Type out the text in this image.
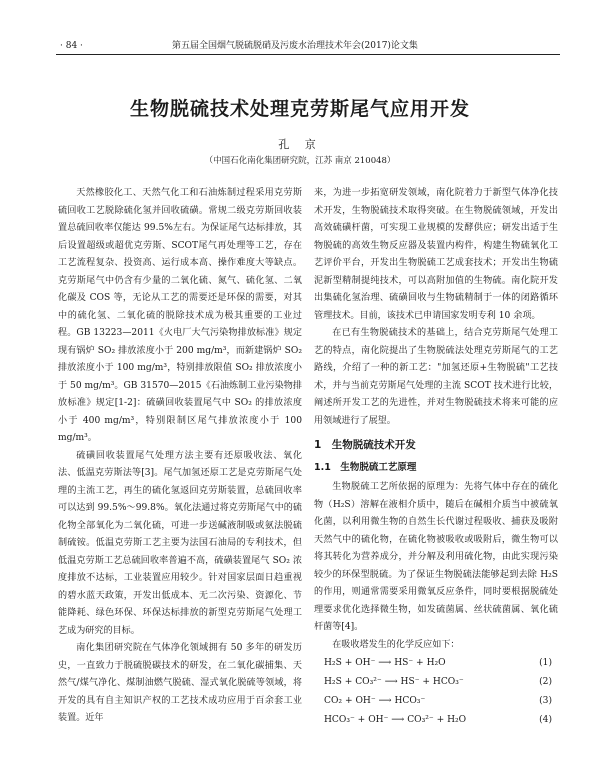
· 84 ·	第五届全国烟气脱硫脱硝及污废水治理技术年会(2017)论文集
生物脱硫技术处理克劳斯尾气应用开发
孔 京
（中国石化南化集团研究院，江苏 南京 210048）

天然橡胶化工、天然气化工和石油炼制过程采用克劳斯硫回收工艺脱除硫化氢并回收硫磺。常规二级克劳斯回收装置总硫回收率仅能达 99.5%左右。为保证尾气达标排放，其后设置超级或超优克劳斯、SCOT尾气再处理等工艺，存在工艺流程复杂、投资高、运行成本高、操作难度大等缺点。克劳斯尾气中仍含有少量的二氧化硫、氮气、硫化氢、二氧化碳及 COS 等，无论从工艺的需要还是环保的需要，对其中的硫化氢、二氧化硫的脱除技术成为极其重要的工业过程。GB 13223—2011《火电厂大气污染物排放标准》规定现有锅炉 SO₂ 排放浓度小于 200 mg/m³，而新建锅炉 SO₂ 排放浓度小于 100 mg/m³，特别排放限值 SO₂ 排放浓度小于 50 mg/m³。GB 31570—2015《石油炼制工业污染物排放标准》规定[1-2]：硫磺回收装置尾气中 SO₂ 的排放浓度小于 400 mg/m³，特别限制区尾气排放浓度小于 100 mg/m³。

硫磺回收装置尾气处理方法主要有还原吸收法、氧化法、低温克劳斯法等[3]。尾气加氢还原工艺是克劳斯尾气处理的主流工艺，再生的硫化氢返回克劳斯装置，总硫回收率可以达到 99.5%～99.8%。氧化法通过将克劳斯尾气中的硫化物全部氧化为二氧化硫，可进一步送碱液制吸或氨法脱硫制硫铵。低温克劳斯工艺主要为法国石油局的专利技术，但低温克劳斯工艺总硫回收率普遍不高，硫磺装置尾气 SO₂ 浓度排放不达标，工业装置应用较少。针对国家层面日趋重视的碧水蓝天政策，开发出低成本、无二次污染、资源化、节能降耗、绿色环保、环保达标排放的新型克劳斯尾气处理工艺成为研究的目标。

南化集团研究院在气体净化领域拥有 50 多年的研发历史，一直致力于脱硫脱碳技术的研发，在二氧化碳捕集、天然气/煤气净化、煤制油燃气脱硫、湿式氧化脱硫等领域，将开发的具有自主知识产权的工艺技术成功应用于百余套工业装置。近年

来，为进一步拓宽研发领域，南化院着力于新型气体净化技术开发，生物脱硫技术取得突破。在生物脱硫领域，开发出高效硫磺杆菌，可实现工业规模的发酵供应；研发出适于生物脱硫的高效生物反应器及装置内构件，构建生物硫氧化工艺评价平台，开发出生物脱硫工艺成套技术；开发出生物硫泥新型精制提纯技术，可以高附加值的生物硫。南化院开发出集硫化氢治理、硫磺回收与生物硫精制于一体的闭路循环管理技术。目前，该技术已申请国家发明专利 10 余项。

在已有生物脱硫技术的基础上，结合克劳斯尾气处理工艺的特点，南化院提出了生物脱硫法处理克劳斯尾气的工艺路线，介绍了一种的新工艺："加氢还原+生物脱硫"工艺技术，并与当前克劳斯尾气处理的主流 SCOT 技术进行比较，阐述所开发工艺的先进性，并对生物脱硫技术将来可能的应用领域进行了展望。

1　生物脱硫技术开发
1.1　生物脱硫工艺原理

生物脱硫工艺所依据的原理为：先将气体中存在的硫化物（H₂S）溶解在液相介质中，随后在碱相介质当中被硫氧化菌，以利用微生物的自然生长代谢过程吸收、捕获及吸附天然气中的硫化物，在硫化物被吸收或吸附后，微生物可以将其转化为营养成分，并分解及利用硫化物，由此实现污染较少的环保型脱硫。为了保证生物脱硫法能够起到去除 H₂S 的作用，则通常需要采用微氧反应条件，同时要根据脱硫处理要求优化选择微生物，如发硫菌属、丝状硫菌属、氧化硫杆菌等[4]。

在吸收塔发生的化学反应如下：

H₂S + OH⁻ ⟶ HS⁻ + H₂O	(1)
H₂S + CO₃²⁻ ⟶ HS⁻ + HCO₃⁻	(2)
CO₂ + OH⁻ ⟶ HCO₃⁻	(3)
HCO₃⁻ + OH⁻ ⟶ CO₃²⁻ + H₂O	(4)
